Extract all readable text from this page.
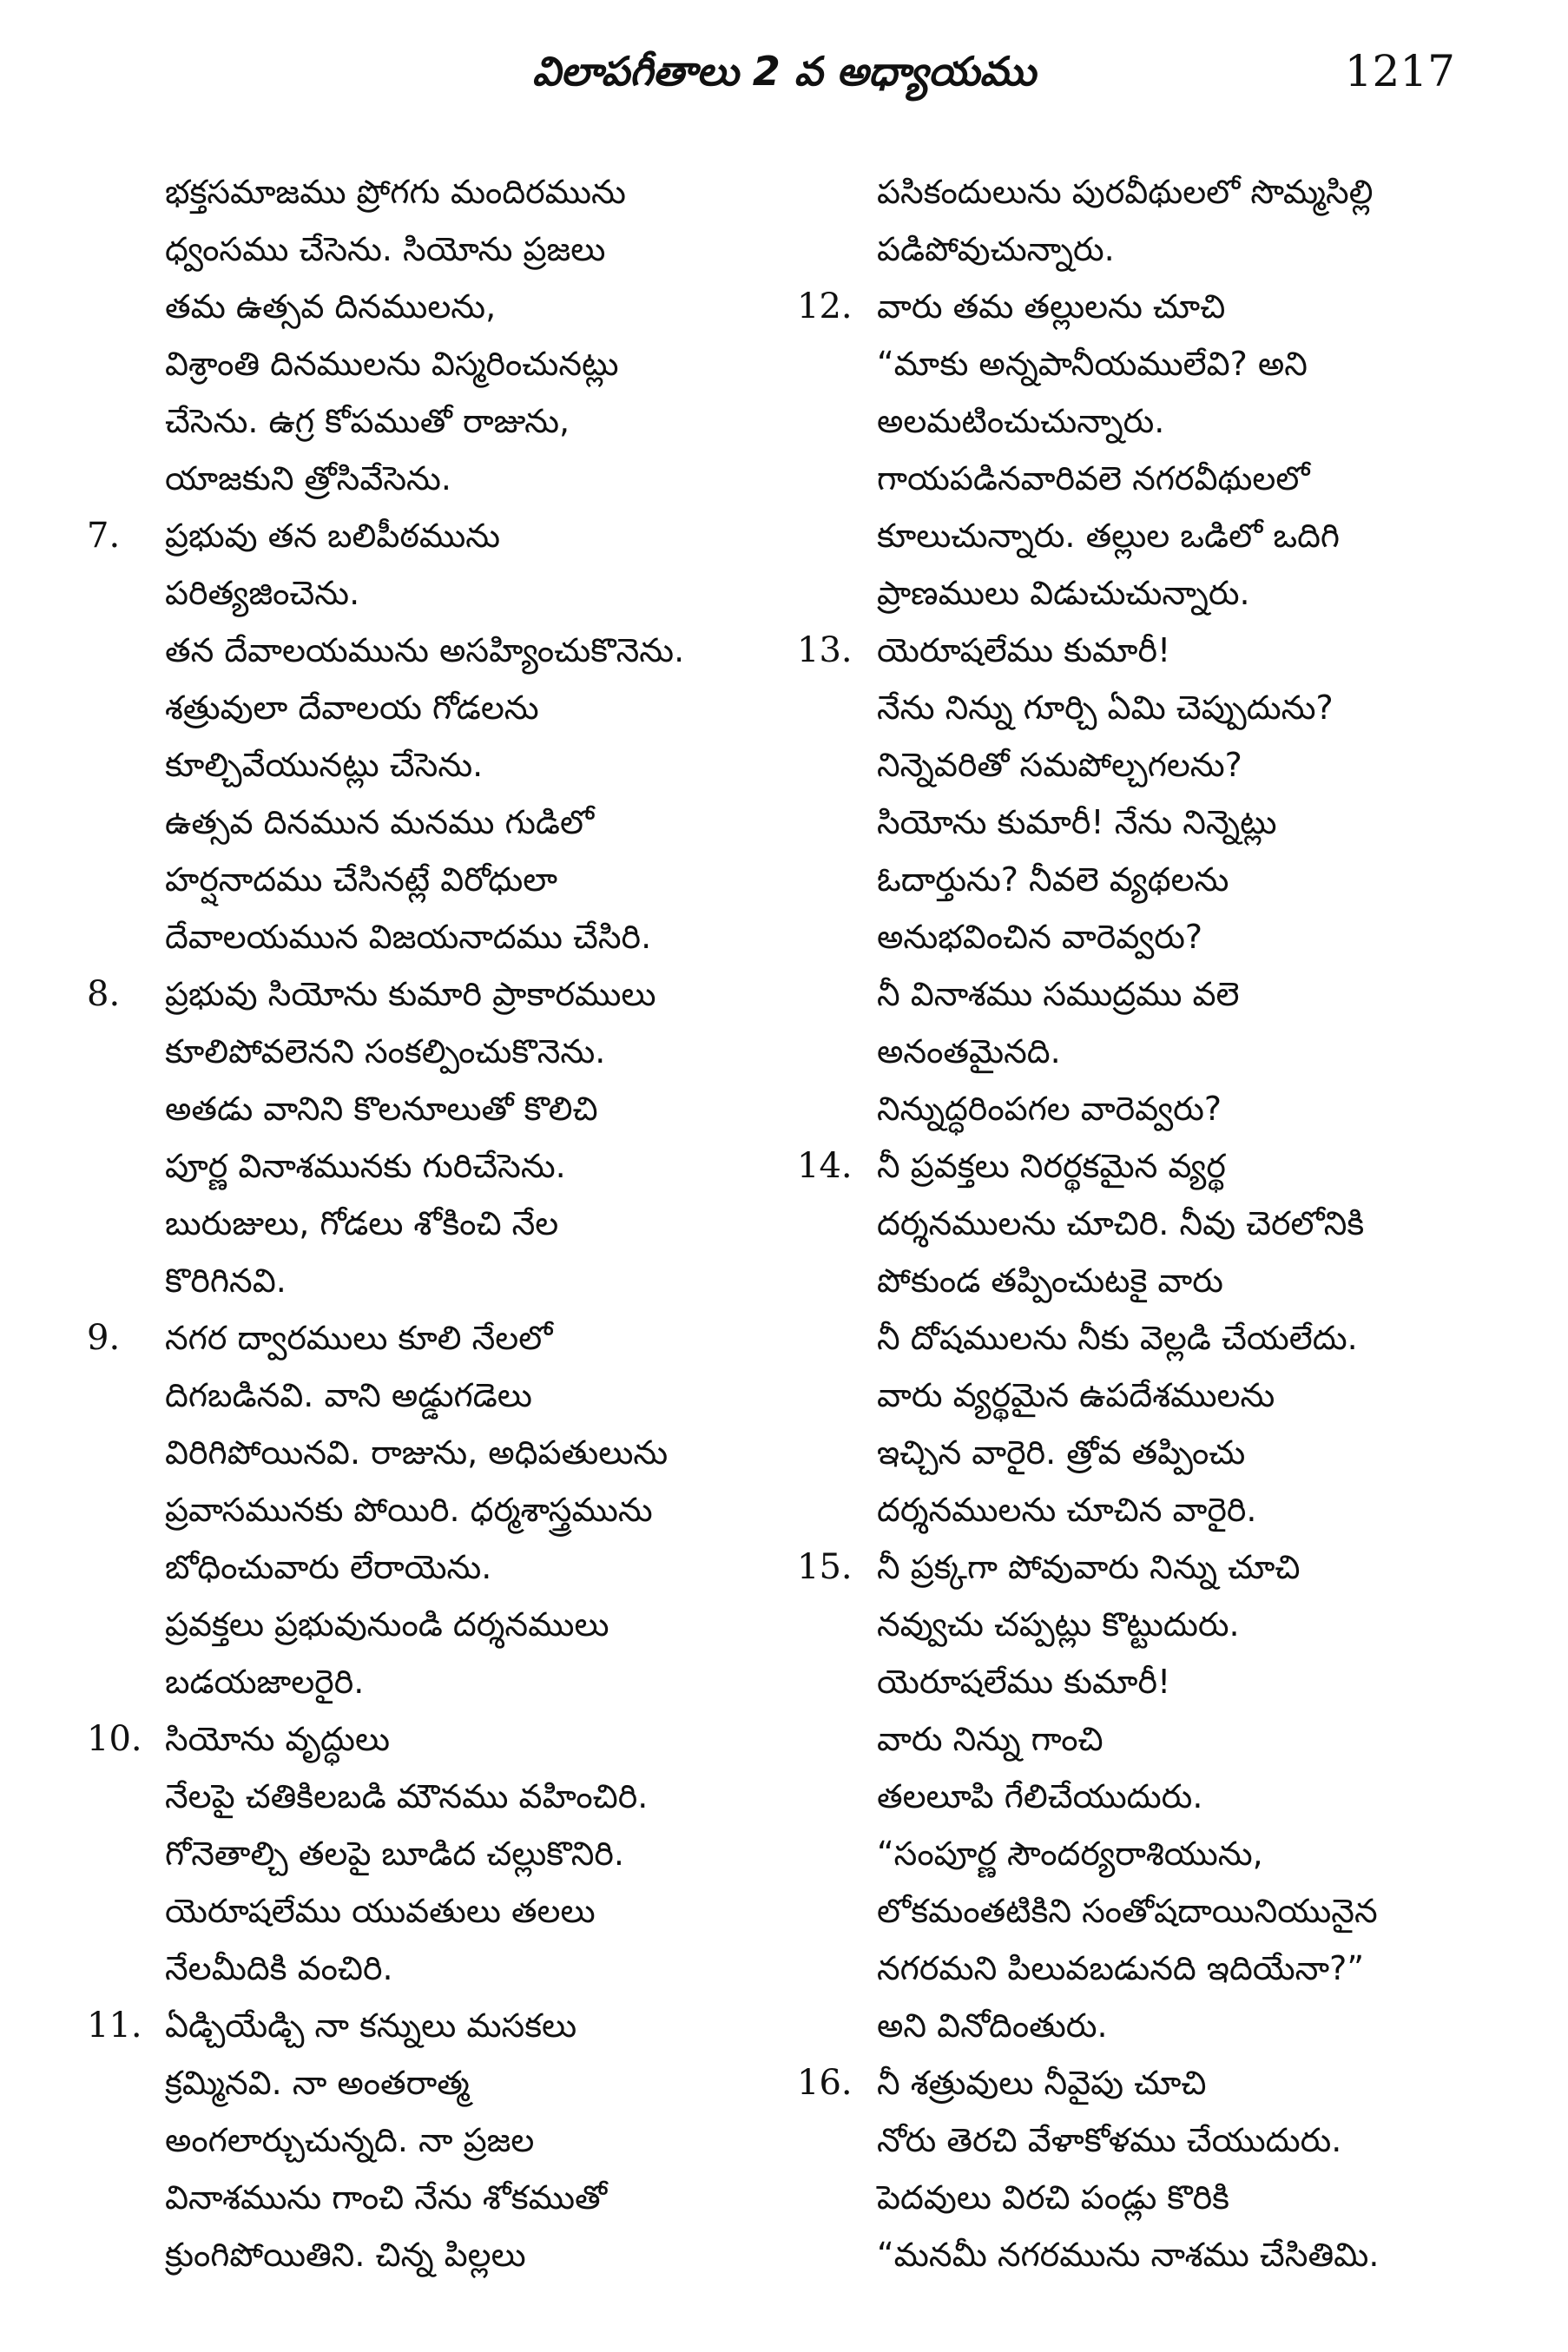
విలాపగీతాలు 2 వ అధ్యాయము	1217
భక్తసమాజము ప్రోగగు మందిరమును
ధ్వంసము చేసెను. సియోను ప్రజలు
తమ ఉత్సవ దినములను,
విశ్రాంతి దినములను విస్మరించునట్లు
చేసెను. ఉగ్ర కోపముతో రాజును,
యాజకుని త్రోసివేసెను.
7. ప్రభువు తన బలిపీఠమును
పరిత్యజించెను.
తన దేవాలయమును అసహ్యించుకొనెను.
శత్రువులా దేవాలయ గోడలను
కూల్చివేయునట్లు చేసెను.
ఉత్సవ దినమున మనము గుడిలో
హర్షనాదము చేసినట్లే విరోధులా
దేవాలయమున విజయనాదము చేసిరి.
8. ప్రభువు సియోను కుమారి ప్రాకారములు
కూలిపోవలెనని సంకల్పించుకొనెను.
అతడు వానిని కొలనూలుతో కొలిచి
పూర్ణ వినాశమునకు గురిచేసెను.
బురుజులు, గోడలు శోకించి నేల
కొరిగినవి.
9. నగర ద్వారములు కూలి నేలలో
దిగబడినవి. వాని అడ్డుగడెలు
విరిగిపోయినవి. రాజును, అధిపతులును
ప్రవాసమునకు పోయిరి. ధర్మశాస్త్రమును
బోధించువారు లేరాయెను.
ప్రవక్తలు ప్రభువునుండి దర్శనములు
బడయజాలరైరి.
10. సియోను వృద్ధులు
నేలపై చతికిలబడి మౌనము వహించిరి.
గోనెతాల్చి తలపై బూడిద చల్లుకొనిరి.
యెరూషలేము యువతులు తలలు
నేలమీదికి వంచిరి.
11. ఏడ్చియేడ్చి నా కన్నులు మసకలు
క్రమ్మినవి. నా అంతరాత్మ
అంగలార్చుచున్నది. నా ప్రజల
వినాశమును గాంచి నేను శోకముతో
క్రుంగిపోయితిని. చిన్న పిల్లలు
పసికందులును పురవీథులలో సొమ్మసిల్లి
పడిపోవుచున్నారు.
12. వారు తమ తల్లులను చూచి
“మాకు అన్నపానీయములేవి? అని
అలమటించుచున్నారు.
గాయపడినవారివలె నగరవీథులలో
కూలుచున్నారు. తల్లుల ఒడిలో ఒదిగి
ప్రాణములు విడుచుచున్నారు.
13. యెరూషలేము కుమారీ!
నేను నిన్ను గూర్చి ఏమి చెప్పుదును?
నిన్నెవరితో సమపోల్చగలను?
సియోను కుమారీ! నేను నిన్నెట్లు
ఓదార్తును? నీవలె వ్యథలను
అనుభవించిన వారెవ్వరు?
నీ వినాశము సముద్రము వలె
అనంతమైనది.
నిన్నుద్ధరింపగల వారెవ్వరు?
14. నీ ప్రవక్తలు నిరర్థకమైన వ్యర్థ
దర్శనములను చూచిరి. నీవు చెరలోనికి
పోకుండ తప్పించుటకై వారు
నీ దోషములను నీకు వెల్లడి చేయలేదు.
వారు వ్యర్థమైన ఉపదేశములను
ఇచ్చిన వారైరి. త్రోవ తప్పించు
దర్శనములను చూచిన వారైరి.
15. నీ ప్రక్కగా పోవువారు నిన్ను చూచి
నవ్వుచు చప్పట్లు కొట్టుదురు.
యెరూషలేము కుమారీ!
వారు నిన్ను గాంచి
తలలూపి గేలిచేయుదురు.
“సంపూర్ణ సౌందర్యరాశియును,
లోకమంతటికిని సంతోషదాయినియునైన
నగరమని పిలువబడునది ఇదియేనా?”
అని వినోదింతురు.
16. నీ శత్రువులు నీవైపు చూచి
నోరు తెరచి వేళాకోళము చేయుదురు.
పెదవులు విరచి పండ్లు కొరికి
“మనమీ నగరమును నాశము చేసితిమి.
